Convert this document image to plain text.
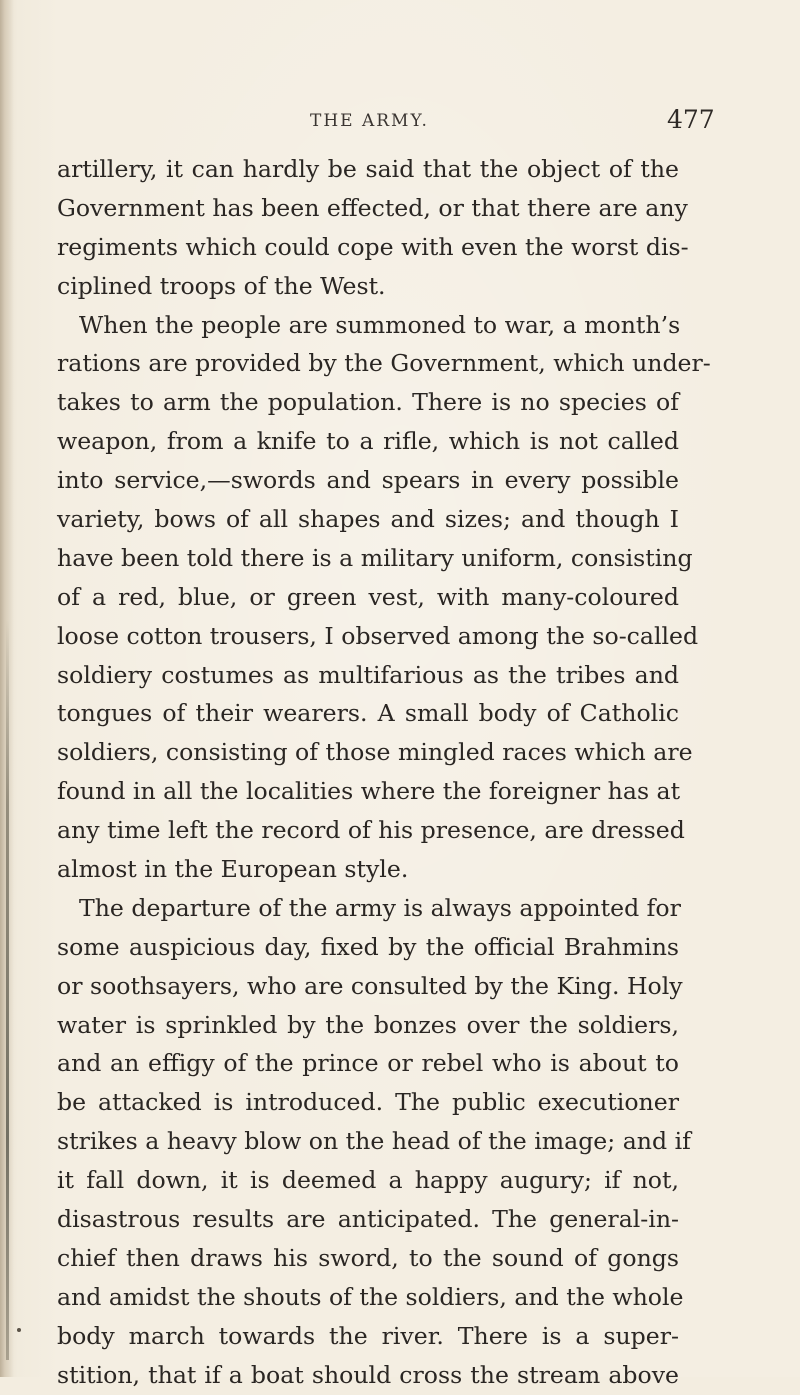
THE ARMY.	477
artillery, it can hardly be said that the object of the
Government has been effected, or that there are any
regiments which could cope with even the worst dis-
ciplined troops of the West.
When the people are summoned to war, a month’s
rations are provided by the Government, which under-
takes to arm the population. There is no species of
weapon, from a knife to a rifle, which is not called
into service,—swords and spears in every possible
variety, bows of all shapes and sizes; and though I
have been told there is a military uniform, consisting
of a red, blue, or green vest, with many-coloured
loose cotton trousers, I observed among the so-called
soldiery costumes as multifarious as the tribes and
tongues of their wearers. A small body of Catholic
soldiers, consisting of those mingled races which are
found in all the localities where the foreigner has at
any time left the record of his presence, are dressed
almost in the European style.
The departure of the army is always appointed for
some auspicious day, fixed by the official Brahmins
or soothsayers, who are consulted by the King. Holy
water is sprinkled by the bonzes over the soldiers,
and an effigy of the prince or rebel who is about to
be attacked is introduced. The public executioner
strikes a heavy blow on the head of the image; and if
it fall down, it is deemed a happy augury; if not,
disastrous results are anticipated. The general-in-
chief then draws his sword, to the sound of gongs
and amidst the shouts of the soldiers, and the whole
body march towards the river. There is a super-
stition, that if a boat should cross the stream above
